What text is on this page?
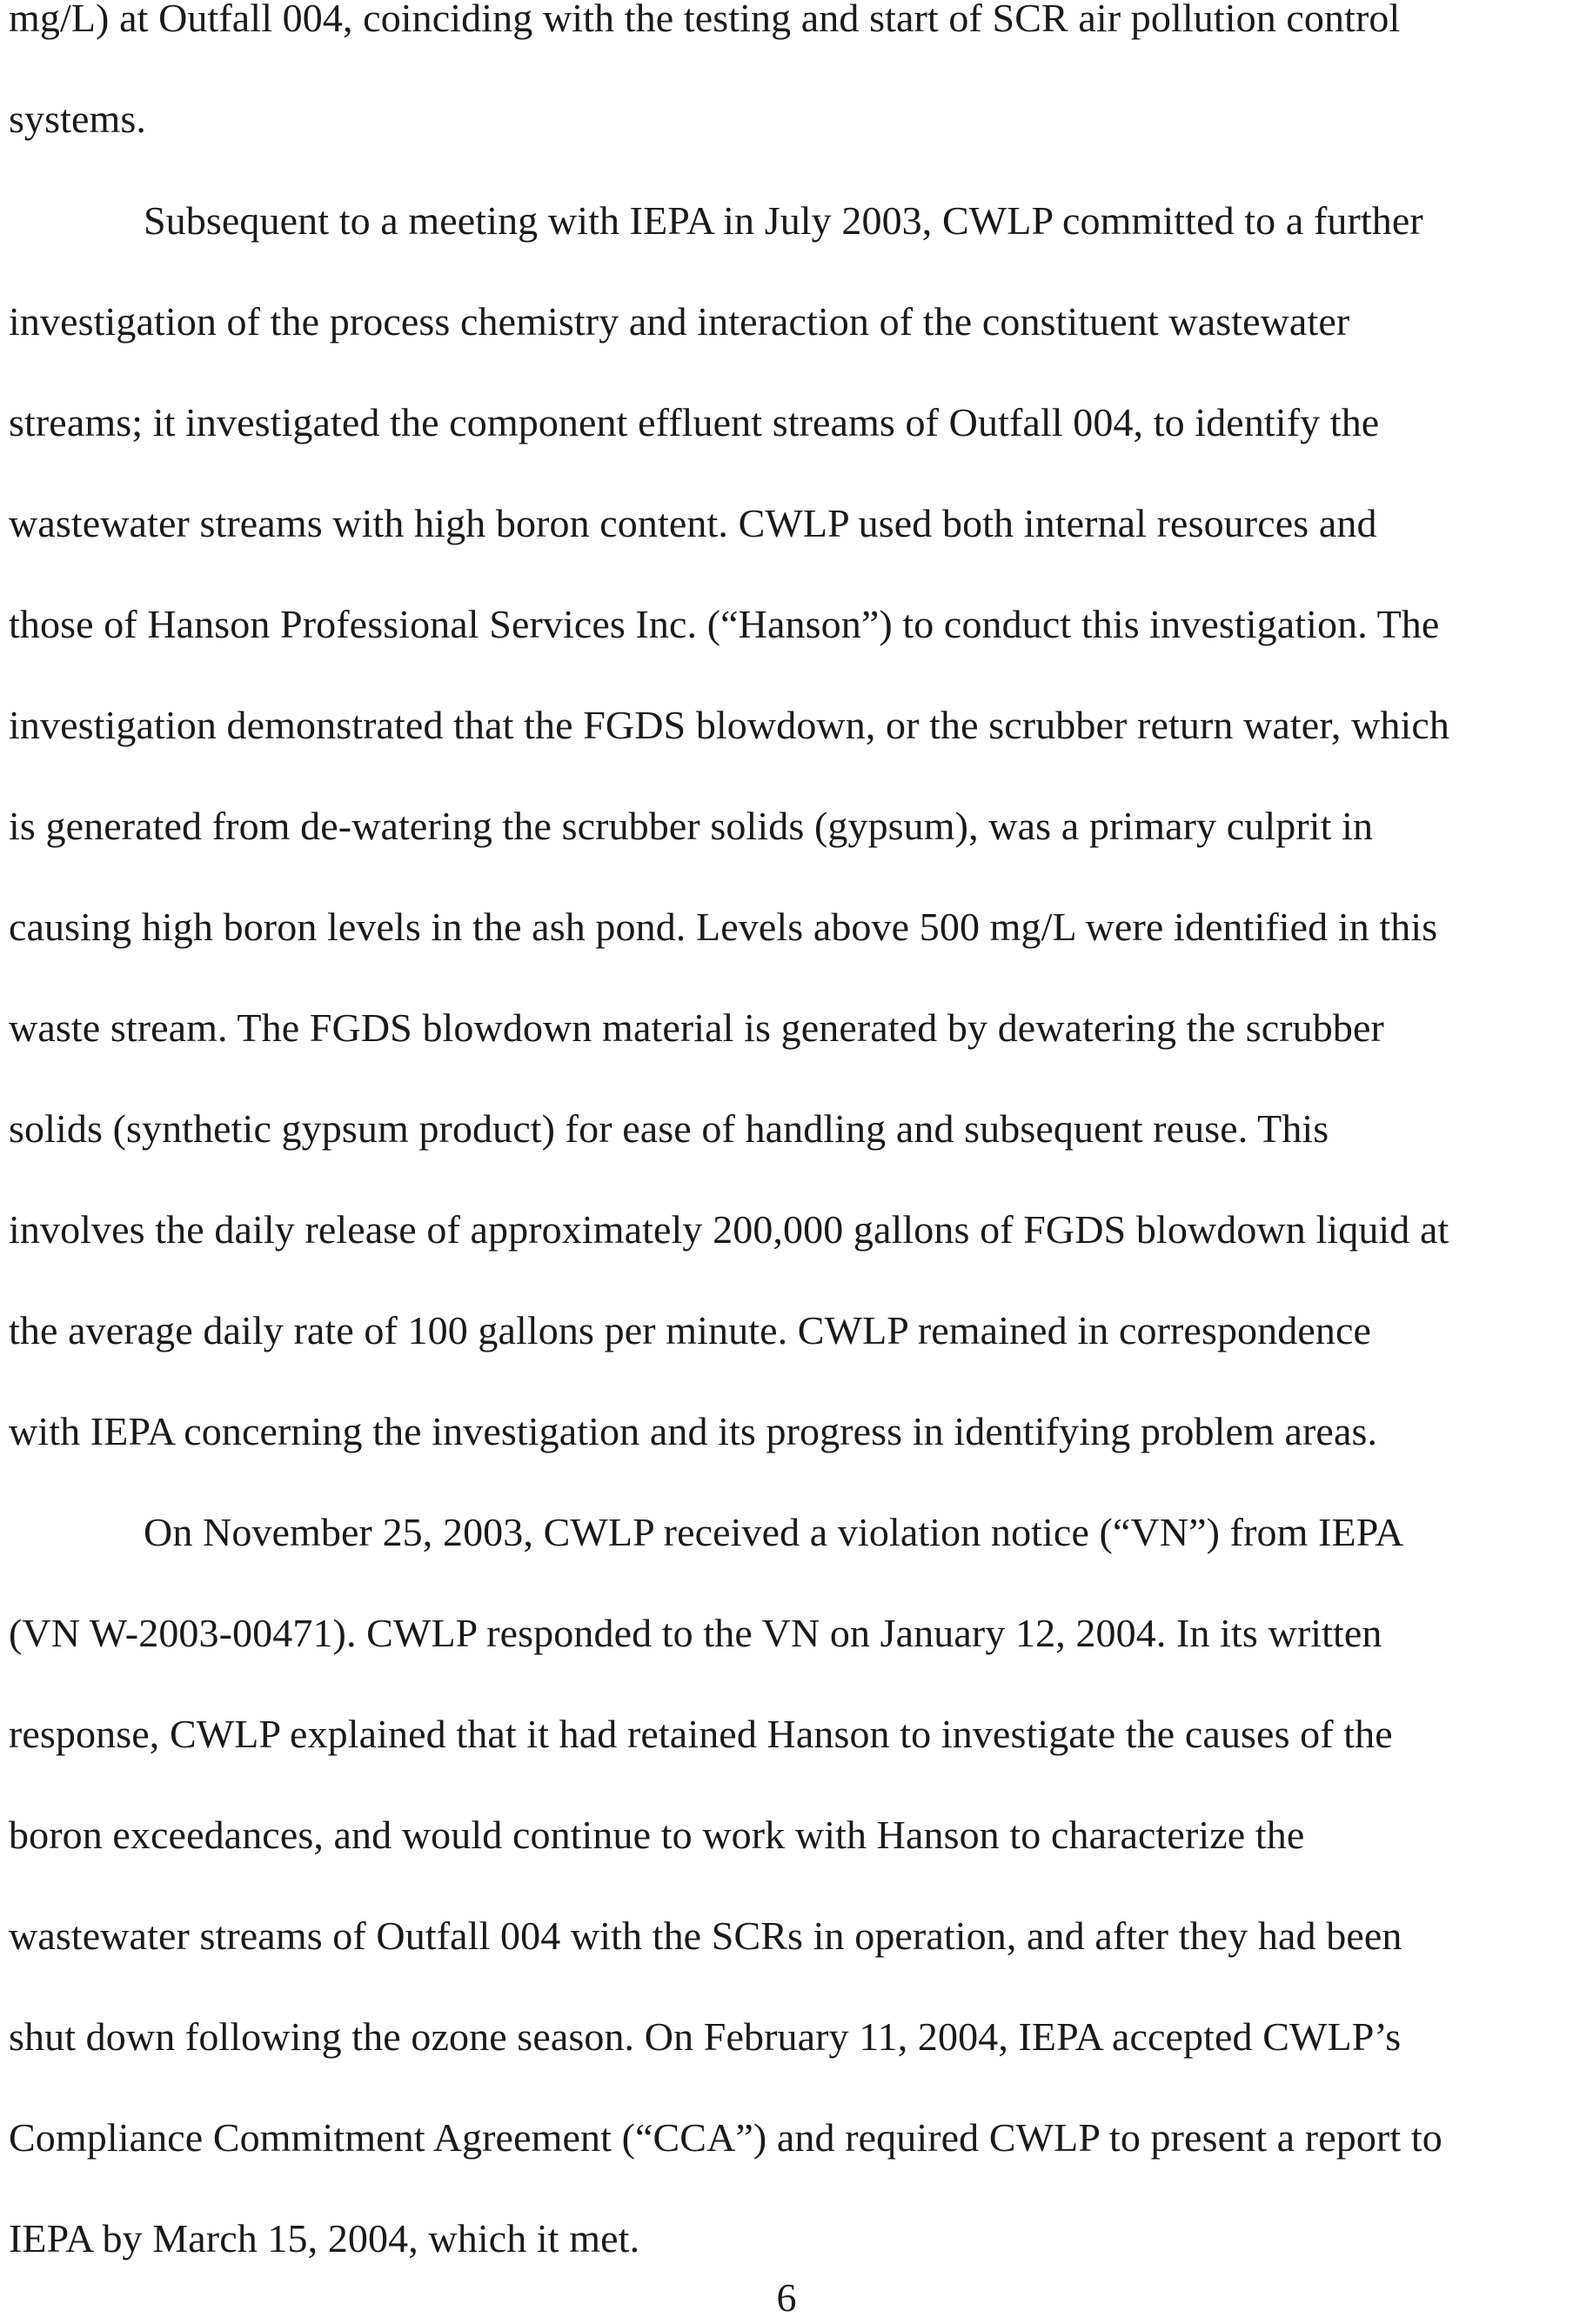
mg/L) at Outfall 004, coinciding with the testing and start of SCR air pollution control
systems.
Subsequent to a meeting with IEPA in July 2003, CWLP committed to a further
investigation of the process chemistry and interaction of the constituent wastewater
streams; it investigated the component effluent streams of Outfall 004, to identify the
wastewater streams with high boron content. CWLP used both internal resources and
those of Hanson Professional Services Inc. (“Hanson”) to conduct this investigation. The
investigation demonstrated that the FGDS blowdown, or the scrubber return water, which
is generated from de-watering the scrubber solids (gypsum), was a primary culprit in
causing high boron levels in the ash pond. Levels above 500 mg/L were identified in this
waste stream. The FGDS blowdown material is generated by dewatering the scrubber
solids (synthetic gypsum product) for ease of handling and subsequent reuse. This
involves the daily release of approximately 200,000 gallons of FGDS blowdown liquid at
the average daily rate of 100 gallons per minute. CWLP remained in correspondence
with IEPA concerning the investigation and its progress in identifying problem areas.
On November 25, 2003, CWLP received a violation notice (“VN”) from IEPA
(VN W-2003-00471). CWLP responded to the VN on January 12, 2004. In its written
response, CWLP explained that it had retained Hanson to investigate the causes of the
boron exceedances, and would continue to work with Hanson to characterize the
wastewater streams of Outfall 004 with the SCRs in operation, and after they had been
shut down following the ozone season. On February 11, 2004, IEPA accepted CWLP’s
Compliance Commitment Agreement (“CCA”) and required CWLP to present a report to
IEPA by March 15, 2004, which it met.
6
